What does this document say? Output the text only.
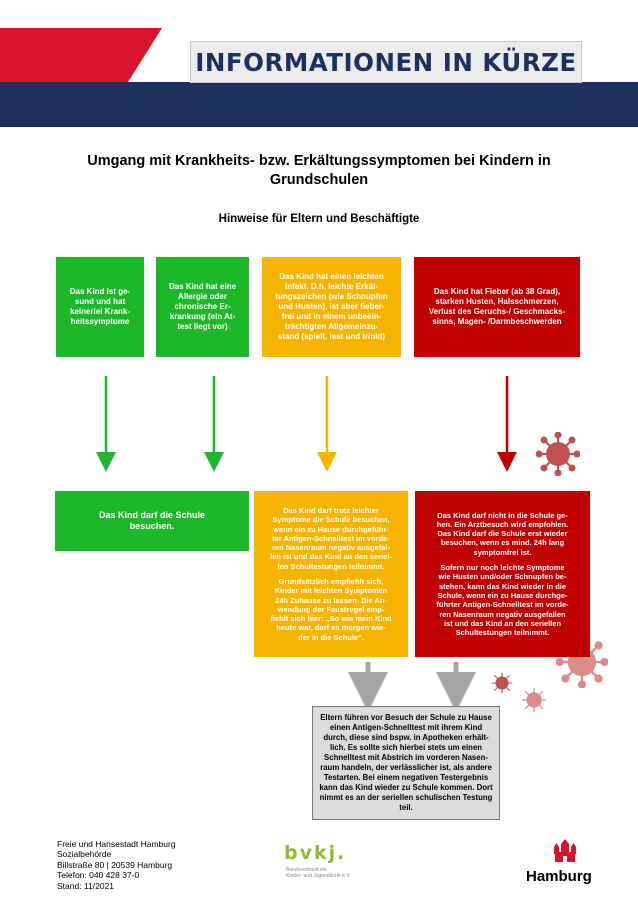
INFORMATIONEN IN KÜRZE
Umgang mit Krankheits- bzw. Erkältungssymptomen bei Kindern in
Grundschulen
Hinweise für Eltern und Beschäftigte
Das Kind ist ge-
sund und hat
keinerlei Krank-
heitssymptome
Das Kind hat eine
Allergie oder
chronische Er-
krankung (ein At-
test liegt vor)
Das Kind hat einen leichten
Infekt. D.h. leichte Erkäl-
tungszeichen (wie Schnupfen
und Husten), ist aber fieber-
frei und in einem unbeein-
trächtigten Allgemeinzu-
stand (spielt, isst und trinkt)
Das Kind hat Fieber (ab 38 Grad),
starken Husten, Halsschmerzen,
Verlust des Geruchs-/ Geschmacks-
sinns, Magen- /Darmbeschwerden
Das Kind darf die Schule
besuchen.

Das Kind darf trotz leichter
Symptome die Schule besuchen,
wenn ein zu Hause durchgeführ-
ter Antigen-Schnelltest im vorde-
ren Nasenraum negativ ausgefal-
len ist und das Kind an den seriel-
len Schultestungen teilnimmt.

Grundsätzlich empfiehlt sich,
Kinder mit leichten Symptomen
24h Zuhause zu lassen. Die An-
wendung der Faustregel emp-
fiehlt sich hier: „So wie mein Kind
heute war, darf es morgen wie-
der in die Schule“.

Das Kind darf nicht in die Schule ge-
hen. Ein Arztbesuch wird empfohlen.
Das Kind darf die Schule erst wieder
besuchen, wenn es mind. 24h lang
symptomfrei ist.

Sofern nur noch leichte Symptome
wie Husten und/oder Schnupfen be-
stehen, kann das Kind wieder in die
Schule, wenn ein zu Hause durchge-
führter Antigen-Schnelltest im vorde-
ren Nasenraum negativ ausgefallen
ist und das Kind an den seriellen
Schultestungen teilnimmt.

Eltern führen vor Besuch der Schule zu Hause
einen Antigen-Schnelltest mit ihrem Kind
durch, diese sind bspw. in Apotheken erhält-
lich. Es sollte sich hierbei stets um einen
Schnelltest mit Abstrich im vorderen Nasen-
raum handeln, der verlässlicher ist, als andere
Testarten. Bei einem negativen Testergebnis
kann das Kind wieder zu Schule kommen. Dort
nimmt es an der seriellen schulischen Testung
teil.
Freie und Hansestadt Hamburg
Sozialbehörde
Billstraße 80 | 20539 Hamburg
Telefon: 040 428 37-0
Stand: 11/2021
bvkj.
Berufsverband der
Kinder- und Jugendärzte e.V.	Hamburg
